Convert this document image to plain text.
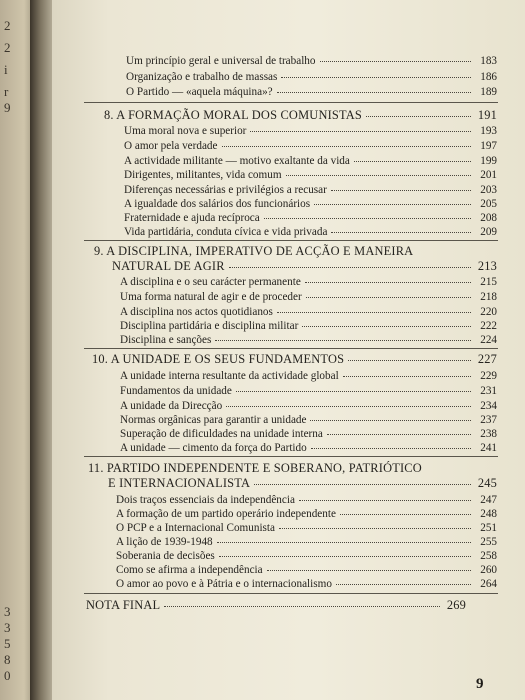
2
2
i
r
9
3
3
5
8
0
Um princípio geral e universal de trabalho	183
Organização e trabalho de massas	186
O Partido — «aquela máquina»?	189
8. A FORMAÇÃO MORAL DOS COMUNISTAS	191
Uma moral nova e superior	193
O amor pela verdade	197
A actividade militante — motivo exaltante da vida	199
Dirigentes, militantes, vida comum	201
Diferenças necessárias e privilégios a recusar	203
A igualdade dos salários dos funcionários	205
Fraternidade e ajuda recíproca	208
Vida partidária, conduta cívica e vida privada	209
9. A DISCIPLINA, IMPERATIVO DE ACÇÃO E MANEIRA
NATURAL DE AGIR	213
A disciplina e o seu carácter permanente	215
Uma forma natural de agir e de proceder	218
A disciplina nos actos quotidianos	220
Disciplina partidária e disciplina militar	222
Disciplina e sanções	224
10. A UNIDADE E OS SEUS FUNDAMENTOS	227
A unidade interna resultante da actividade global	229
Fundamentos da unidade	231
A unidade da Direcção	234
Normas orgânicas para garantir a unidade	237
Superação de dificuldades na unidade interna	238
A unidade — cimento da força do Partido	241
11. PARTIDO INDEPENDENTE E SOBERANO, PATRIÓTICO
E INTERNACIONALISTA	245
Dois traços essenciais da independência	247
A formação de um partido operário independente	248
O PCP e a Internacional Comunista	251
A lição de 1939-1948	255
Soberania de decisões	258
Como se afirma a independência	260
O amor ao povo e à Pátria e o internacionalismo	264
NOTA FINAL	269
9
